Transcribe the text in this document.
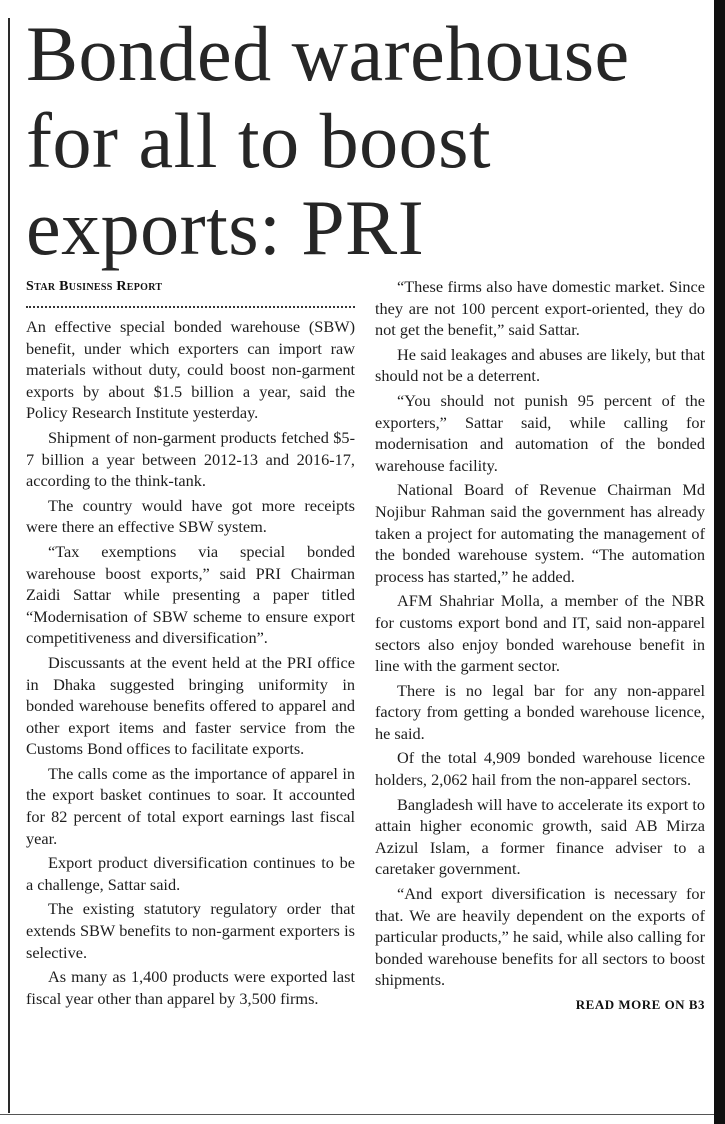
Bonded warehouse
for all to boost
exports: PRI
Star Business Report

An effective special bonded warehouse (SBW) benefit, under which exporters can import raw materials without duty, could boost non-garment exports by about $1.5 billion a year, said the Policy Research Institute yesterday.

Shipment of non-garment products fetched $5-7 billion a year between 2012-13 and 2016-17, according to the think-tank.

The country would have got more receipts were there an effective SBW system.

“Tax exemptions via special bonded warehouse boost exports,” said PRI Chairman Zaidi Sattar while presenting a paper titled “Modernisation of SBW scheme to ensure export competitiveness and diversification”.

Discussants at the event held at the PRI office in Dhaka suggested bringing uniformity in bonded warehouse benefits offered to apparel and other export items and faster service from the Customs Bond offices to facilitate exports.

The calls come as the importance of apparel in the export basket continues to soar. It accounted for 82 percent of total export earnings last fiscal year.

Export product diversification continues to be a challenge, Sattar said.

The existing statutory regulatory order that extends SBW benefits to non-garment exporters is selective.

As many as 1,400 products were exported last fiscal year other than apparel by 3,500 firms.

“These firms also have domestic market. Since they are not 100 percent export-oriented, they do not get the benefit,” said Sattar.

He said leakages and abuses are likely, but that should not be a deterrent.

“You should not punish 95 percent of the exporters,” Sattar said, while calling for modernisation and automation of the bonded warehouse facility.

National Board of Revenue Chairman Md Nojibur Rahman said the government has already taken a project for automating the management of the bonded warehouse system. “The automation process has started,” he added.

AFM Shahriar Molla, a member of the NBR for customs export bond and IT, said non-apparel sectors also enjoy bonded warehouse benefit in line with the garment sector.

There is no legal bar for any non-apparel factory from getting a bonded warehouse licence, he said.

Of the total 4,909 bonded warehouse licence holders, 2,062 hail from the non-apparel sectors.

Bangladesh will have to accelerate its export to attain higher economic growth, said AB Mirza Azizul Islam, a former finance adviser to a caretaker government.

“And export diversification is necessary for that. We are heavily dependent on the exports of particular products,” he said, while also calling for bonded warehouse benefits for all sectors to boost shipments.

READ MORE ON B3
